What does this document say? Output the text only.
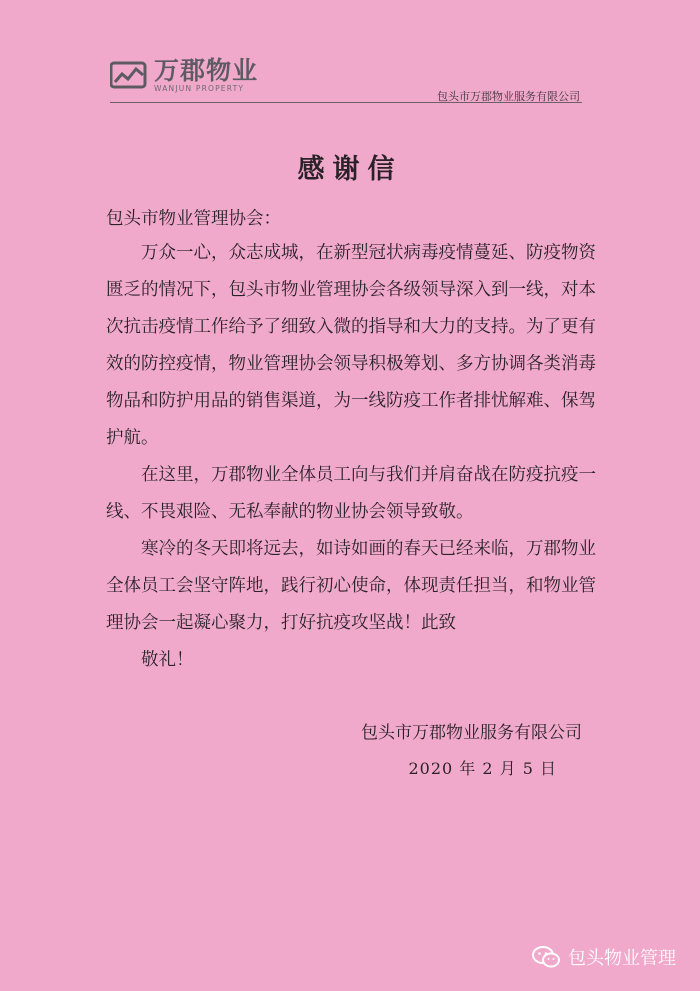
万郡物业
WANJUN PROPERTY
包头市万郡物业服务有限公司
感谢信
包头市物业管理协会：

万众一心，众志成城，在新型冠状病毒疫情蔓延、防疫物资匮乏的情况下，包头市物业管理协会各级领导深入到一线，对本次抗击疫情工作给予了细致入微的指导和大力的支持。为了更有效的防控疫情，物业管理协会领导积极筹划、多方协调各类消毒物品和防护用品的销售渠道，为一线防疫工作者排忧解难、保驾护航。

在这里，万郡物业全体员工向与我们并肩奋战在防疫抗疫一线、不畏艰险、无私奉献的物业协会领导致敬。

寒冷的冬天即将远去，如诗如画的春天已经来临，万郡物业全体员工会坚守阵地，践行初心使命，体现责任担当，和物业管理协会一起凝心聚力，打好抗疫攻坚战！此致

敬礼！

包头市万郡物业服务有限公司
2020 年 2 月 5 日
包头物业管理
